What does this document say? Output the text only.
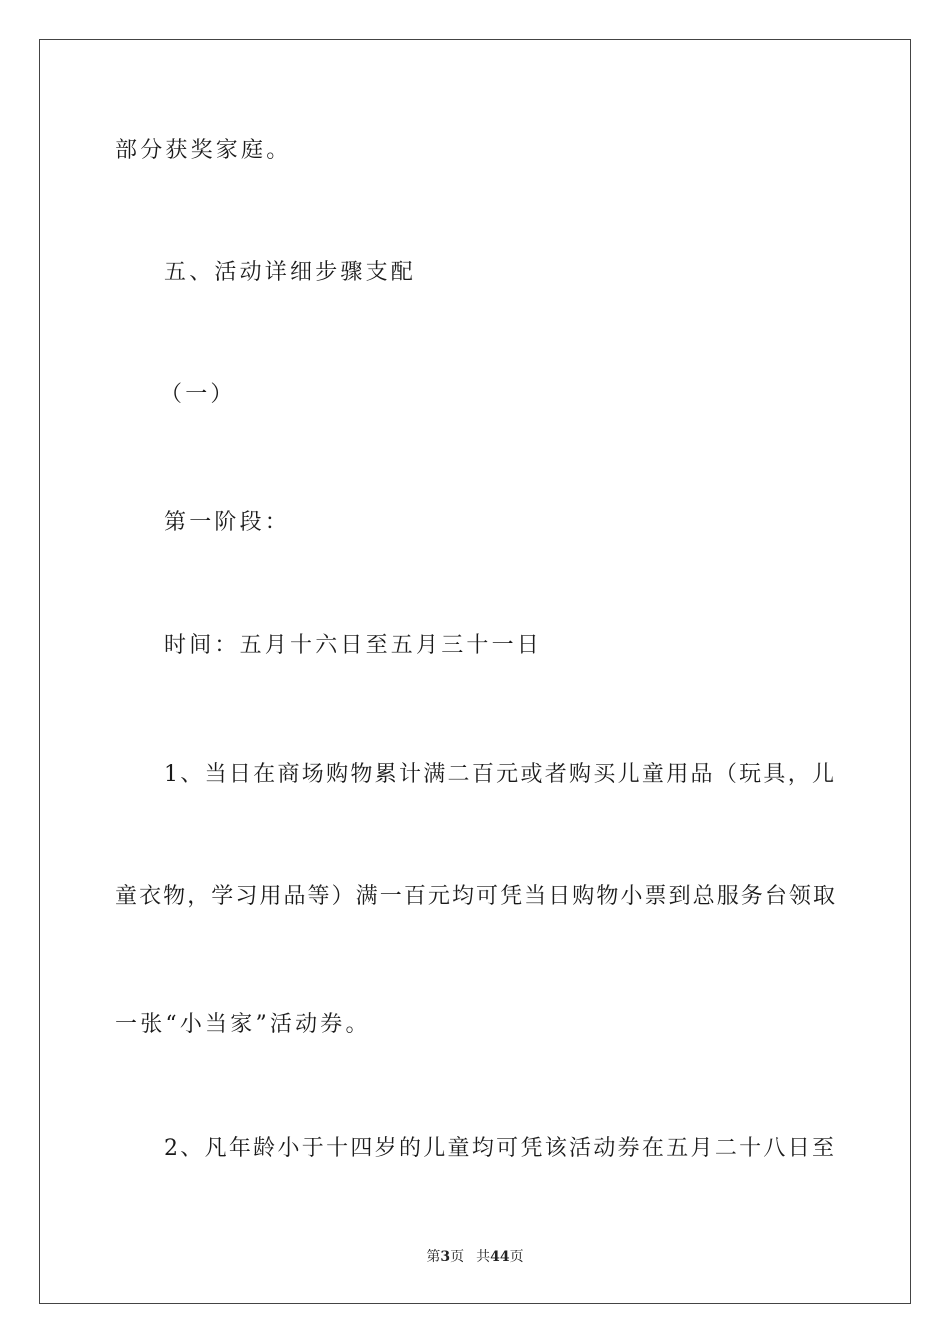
部分获奖家庭。
五、活动详细步骤支配
（一）
第一阶段：
时间：五月十六日至五月三十一日
1、当日在商场购物累计满二百元或者购买儿童用品（玩具，儿
童衣物，学习用品等）满一百元均可凭当日购物小票到总服务台领取
一张“小当家”活动券。
2、凡年龄小于十四岁的儿童均可凭该活动券在五月二十八日至
第3页 共44页
